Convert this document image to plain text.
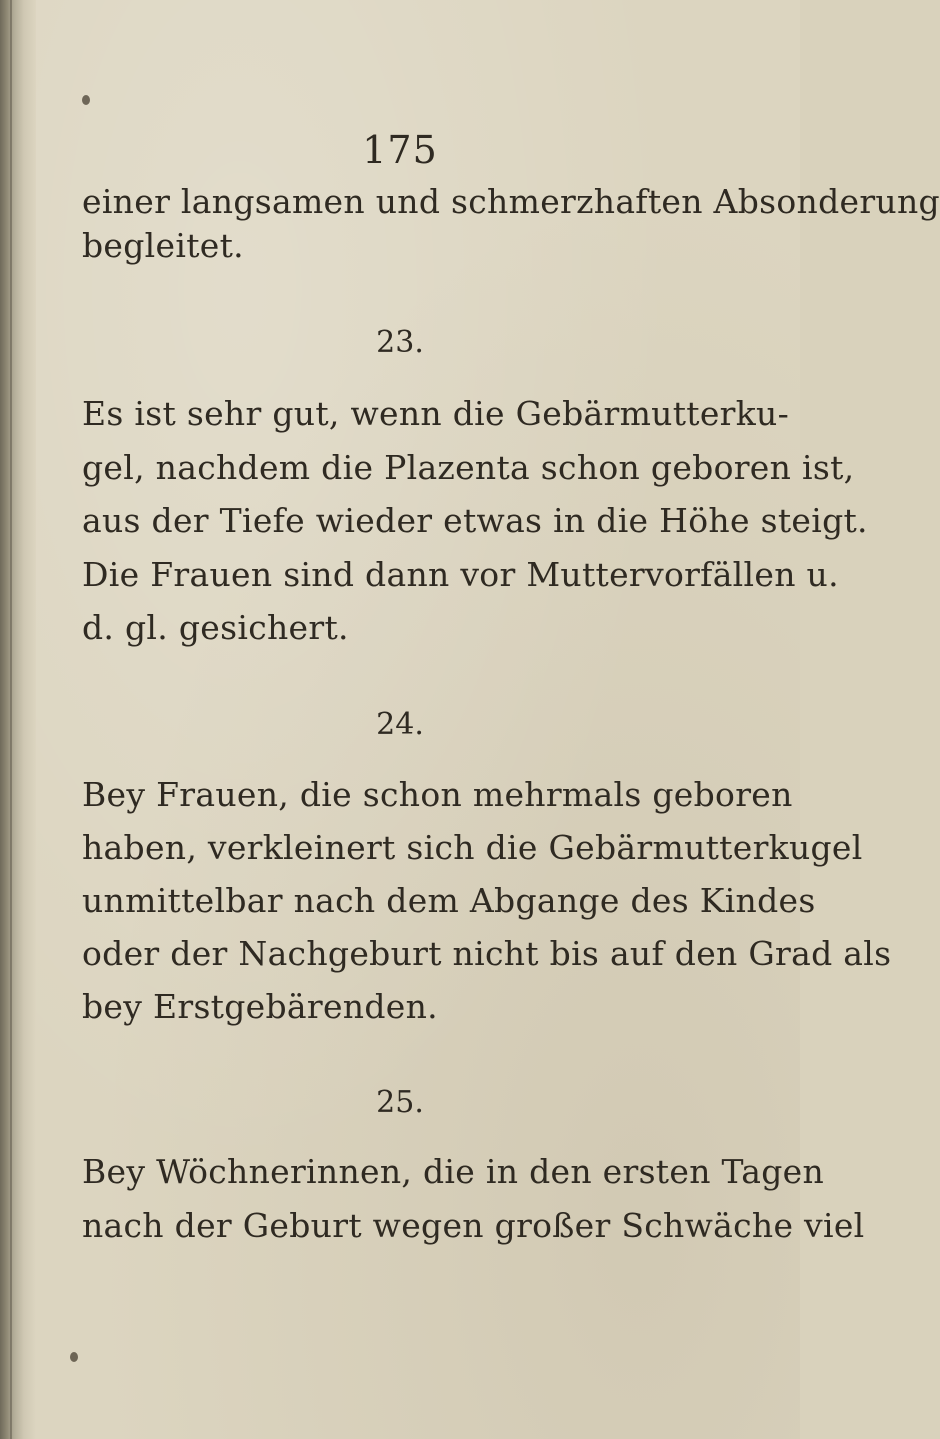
175
einer langsamen und schmerzhaften Absonderung
begleitet.
23.
Es ist sehr gut, wenn die Gebärmutterku‑
gel, nachdem die Plazenta schon geboren ist,
aus der Tiefe wieder etwas in die Höhe steigt.
Die Frauen sind dann vor Muttervorfällen u.
d. gl. gesichert.
24.
Bey Frauen, die schon mehrmals geboren
haben, verkleinert sich die Gebärmutterkugel
unmittelbar nach dem Abgange des Kindes
oder der Nachgeburt nicht bis auf den Grad als
bey Erstgebärenden.
25.
Bey Wöchnerinnen, die in den ersten Tagen
nach der Geburt wegen großer Schwäche viel
